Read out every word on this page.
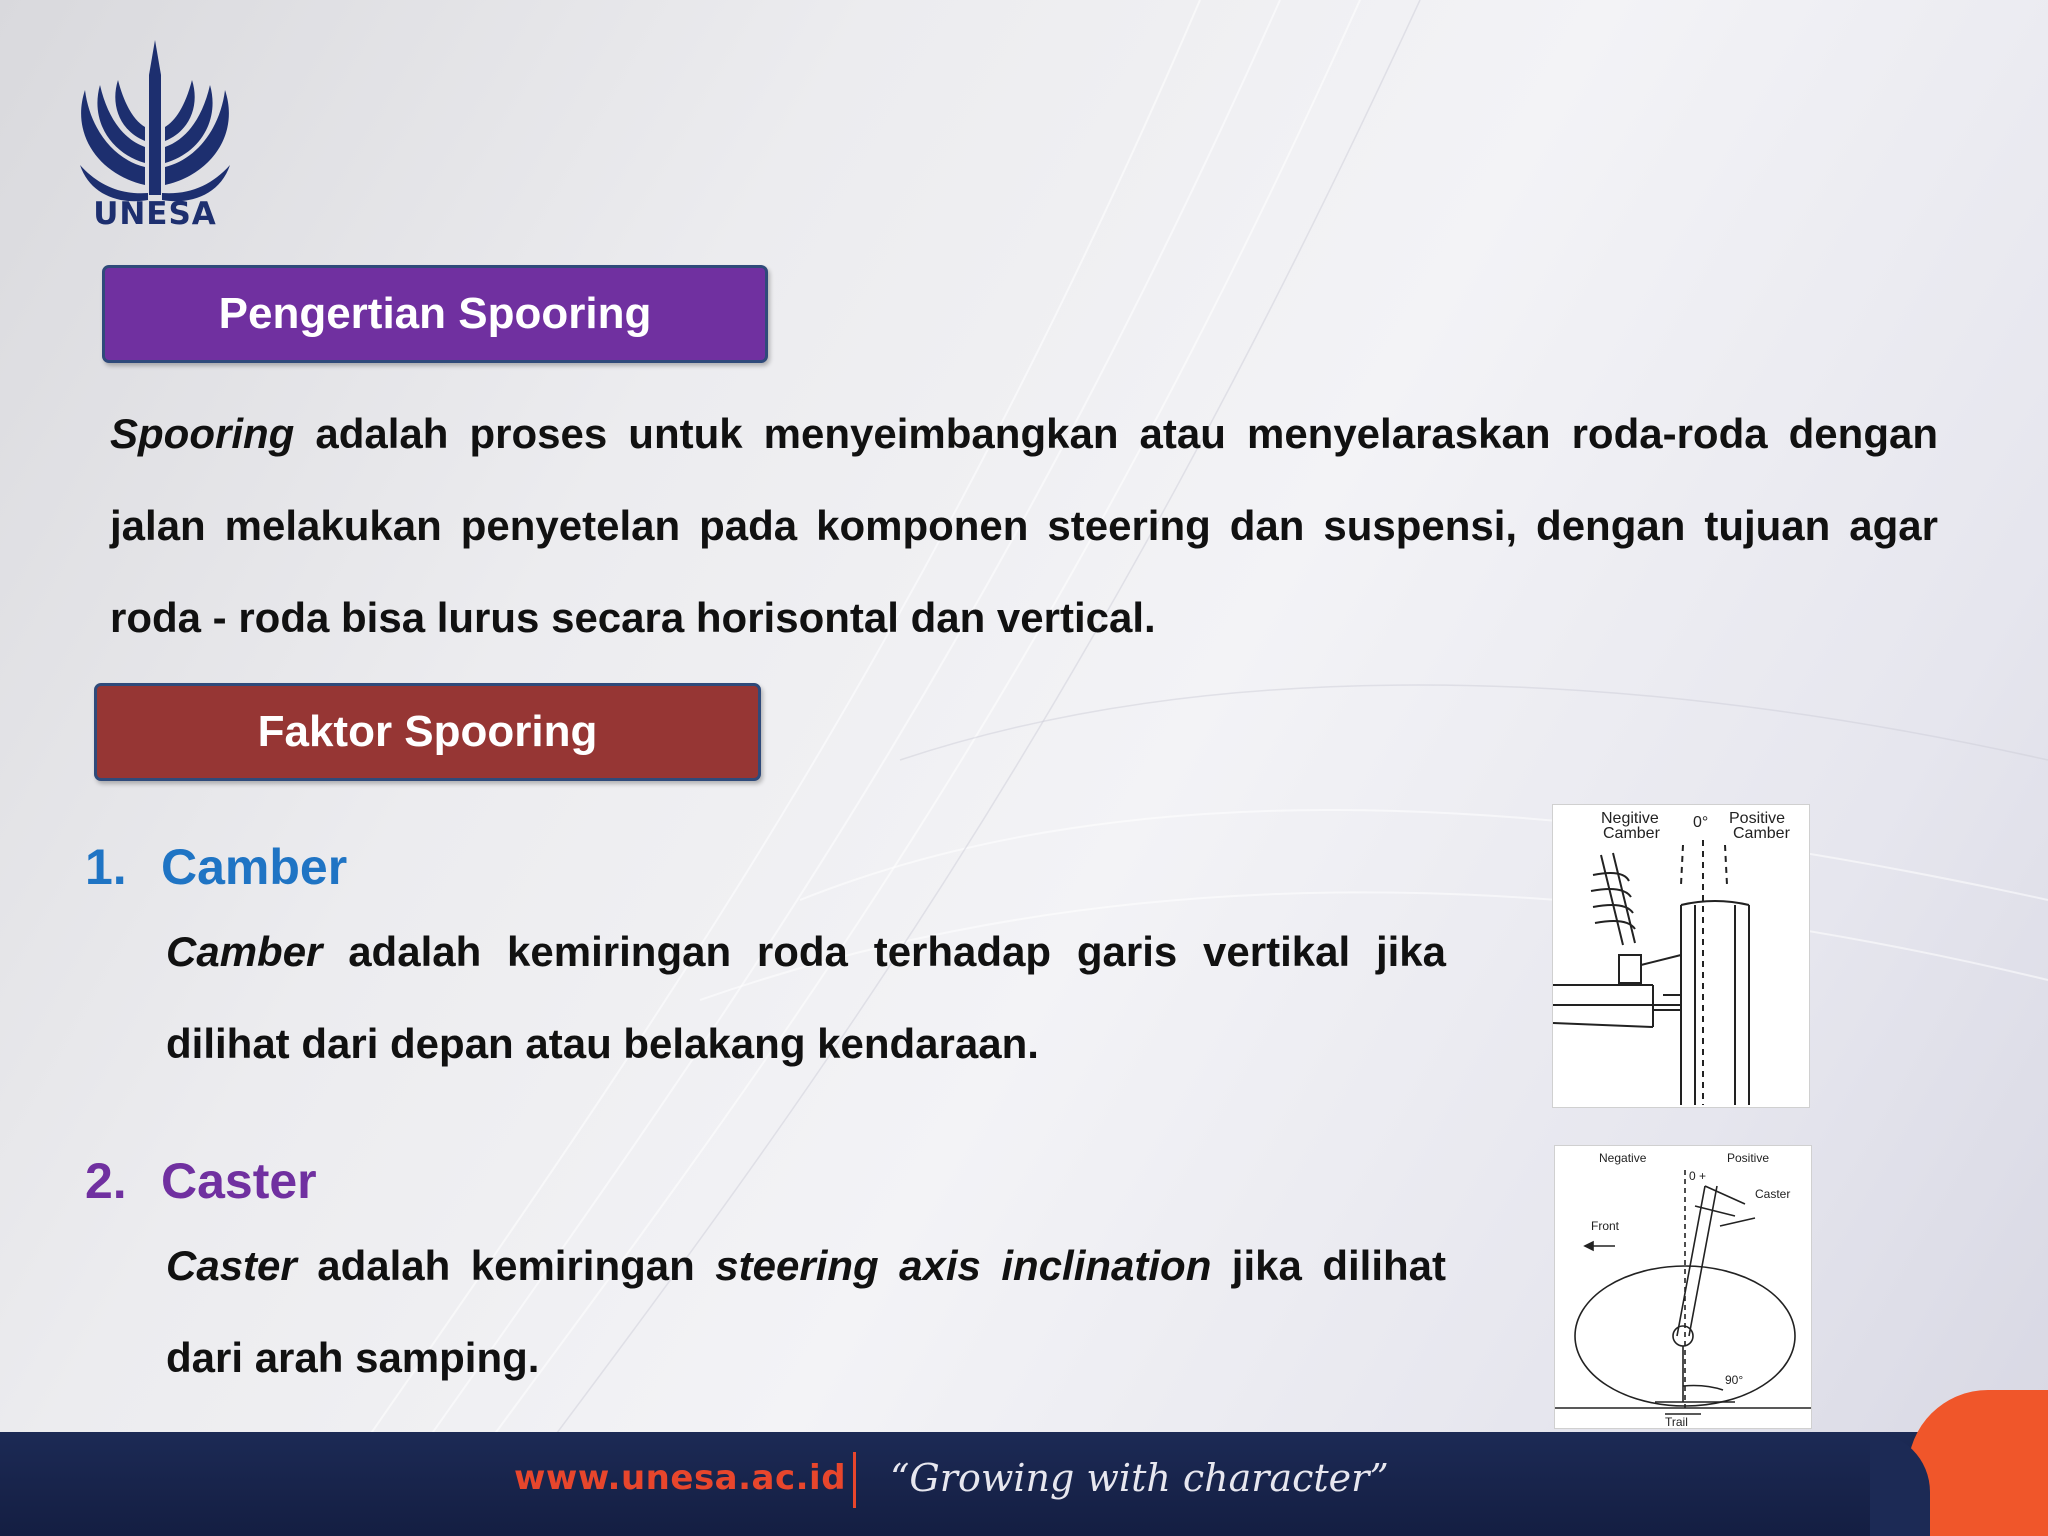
UNESA
Pengertian Spooring
Spooring adalah proses untuk menyeimbangkan atau menyelaraskan roda-roda dengan jalan melakukan penyetelan pada komponen steering dan suspensi, dengan tujuan agar roda - roda bisa lurus secara horisontal dan vertical.
Faktor Spooring
1. Camber
Camber adalah kemiringan roda terhadap garis vertikal jika dilihat dari depan atau belakang kendaraan.
2. Caster
Caster adalah kemiringan steering axis inclination jika dilihat dari arah samping.
Negitive
Camber
0° Positive
Camber
Negative	Positive
0 +
Caster
Front
90°
Trail
www.unesa.ac.id “Growing with character”
